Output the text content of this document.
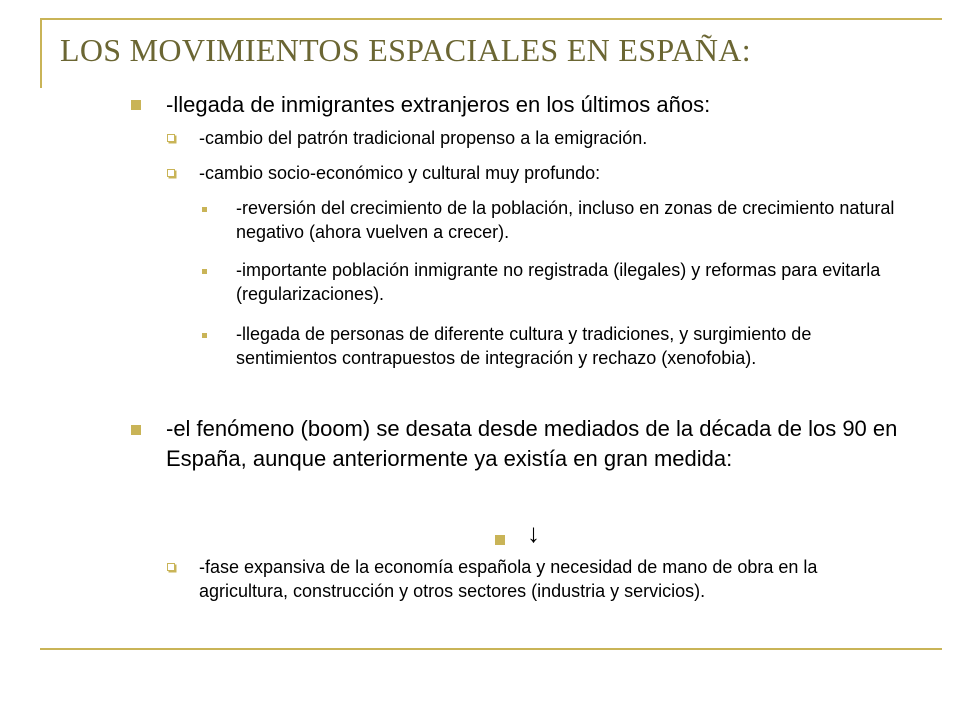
LOS MOVIMIENTOS ESPACIALES EN ESPAÑA:
-llegada de inmigrantes extranjeros en los últimos años:
-cambio del patrón tradicional propenso a la emigración.
-cambio socio-económico y cultural muy profundo:
-reversión del crecimiento de la población, incluso en zonas de crecimiento natural negativo (ahora vuelven a crecer).
-importante población inmigrante no registrada (ilegales) y reformas para evitarla (regularizaciones).
-llegada de personas de diferente cultura y tradiciones, y surgimiento de sentimientos contrapuestos de integración y rechazo (xenofobia).
-el fenómeno (boom) se desata desde mediados de la década de los 90 en España, aunque anteriormente ya existía en gran medida:
↓
-fase expansiva de la economía española y necesidad de mano de obra en la agricultura, construcción y otros sectores (industria y servicios).
